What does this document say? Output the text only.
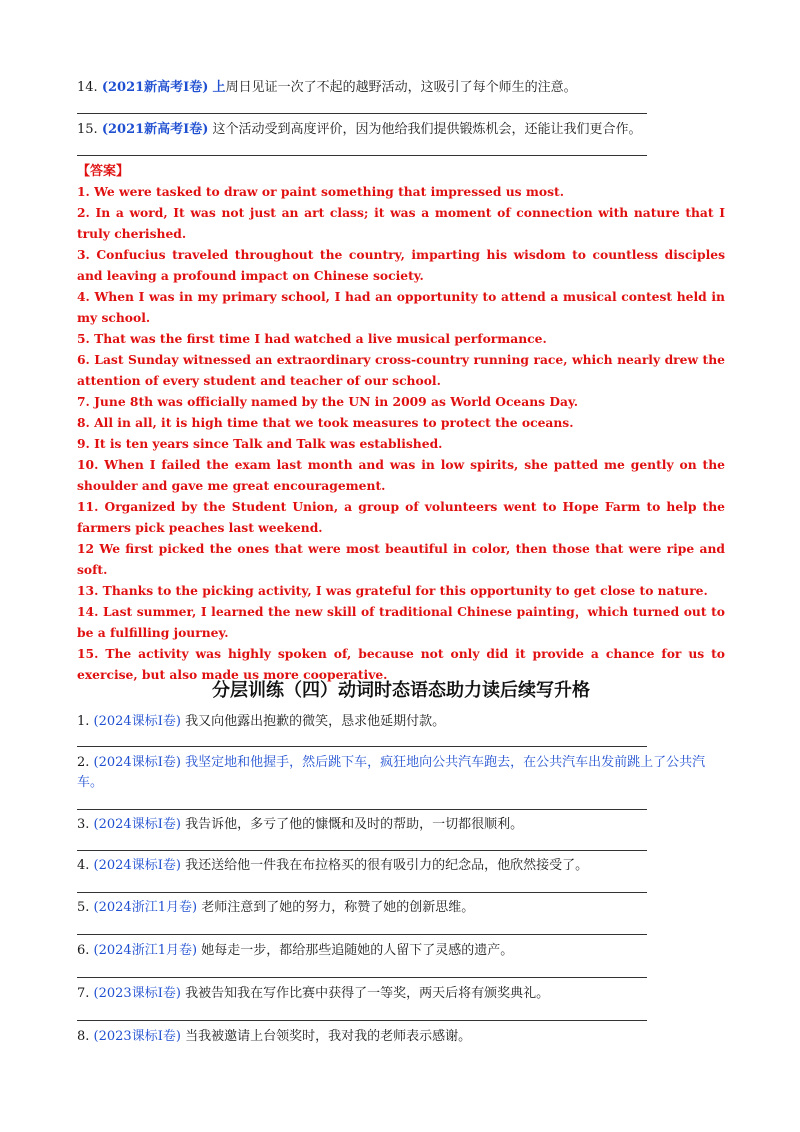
14. (2021新高考I卷) 上周日见证一次了不起的越野活动，这吸引了每个师生的注意。
15. (2021新高考I卷) 这个活动受到高度评价，因为他给我们提供锻炼机会，还能让我们更合作。
【答案】

1. We were tasked to draw or paint something that impressed us most.

2. In a word, It was not just an art class; it was a moment of connection with nature that I truly cherished.

3. Confucius traveled throughout the country, imparting his wisdom to countless disciples and leaving a profound impact on Chinese society.

4. When I was in my primary school, I had an opportunity to attend a musical contest held in my school.

5. That was the first time I had watched a live musical performance.

6. Last Sunday witnessed an extraordinary cross-country running race, which nearly drew the attention of every student and teacher of our school.

7. June 8th was officially named by the UN in 2009 as World Oceans Day.

8. All in all, it is high time that we took measures to protect the oceans.

9. It is ten years since Talk and Talk was established.

10. When I failed the exam last month and was in low spirits, she patted me gently on the shoulder and gave me great encouragement.

11. Organized by the Student Union, a group of volunteers went to Hope Farm to help the farmers pick peaches last weekend.

12 We first picked the ones that were most beautiful in color, then those that were ripe and soft.

13. Thanks to the picking activity, I was grateful for this opportunity to get close to nature.

14. Last summer, I learned the new skill of traditional Chinese painting，which turned out to be a fulfilling journey.

15. The activity was highly spoken of, because not only did it provide a chance for us to exercise, but also made us more cooperative.

分层训练（四）动词时态语态助力读后续写升格
1. (2024课标I卷) 我又向他露出抱歉的微笑，恳求他延期付款。
2. (2024课标I卷) 我坚定地和他握手，然后跳下车，疯狂地向公共汽车跑去，在公共汽车出发前跳上了公共汽车。
3. (2024课标I卷) 我告诉他，多亏了他的慷慨和及时的帮助，一切都很顺利。
4. (2024课标I卷) 我还送给他一件我在布拉格买的很有吸引力的纪念品，他欣然接受了。
5. (2024浙江1月卷) 老师注意到了她的努力，称赞了她的创新思维。
6. (2024浙江1月卷) 她每走一步，都给那些追随她的人留下了灵感的遗产。
7. (2023课标I卷) 我被告知我在写作比赛中获得了一等奖，两天后将有颁奖典礼。
8. (2023课标I卷) 当我被邀请上台领奖时，我对我的老师表示感谢。
